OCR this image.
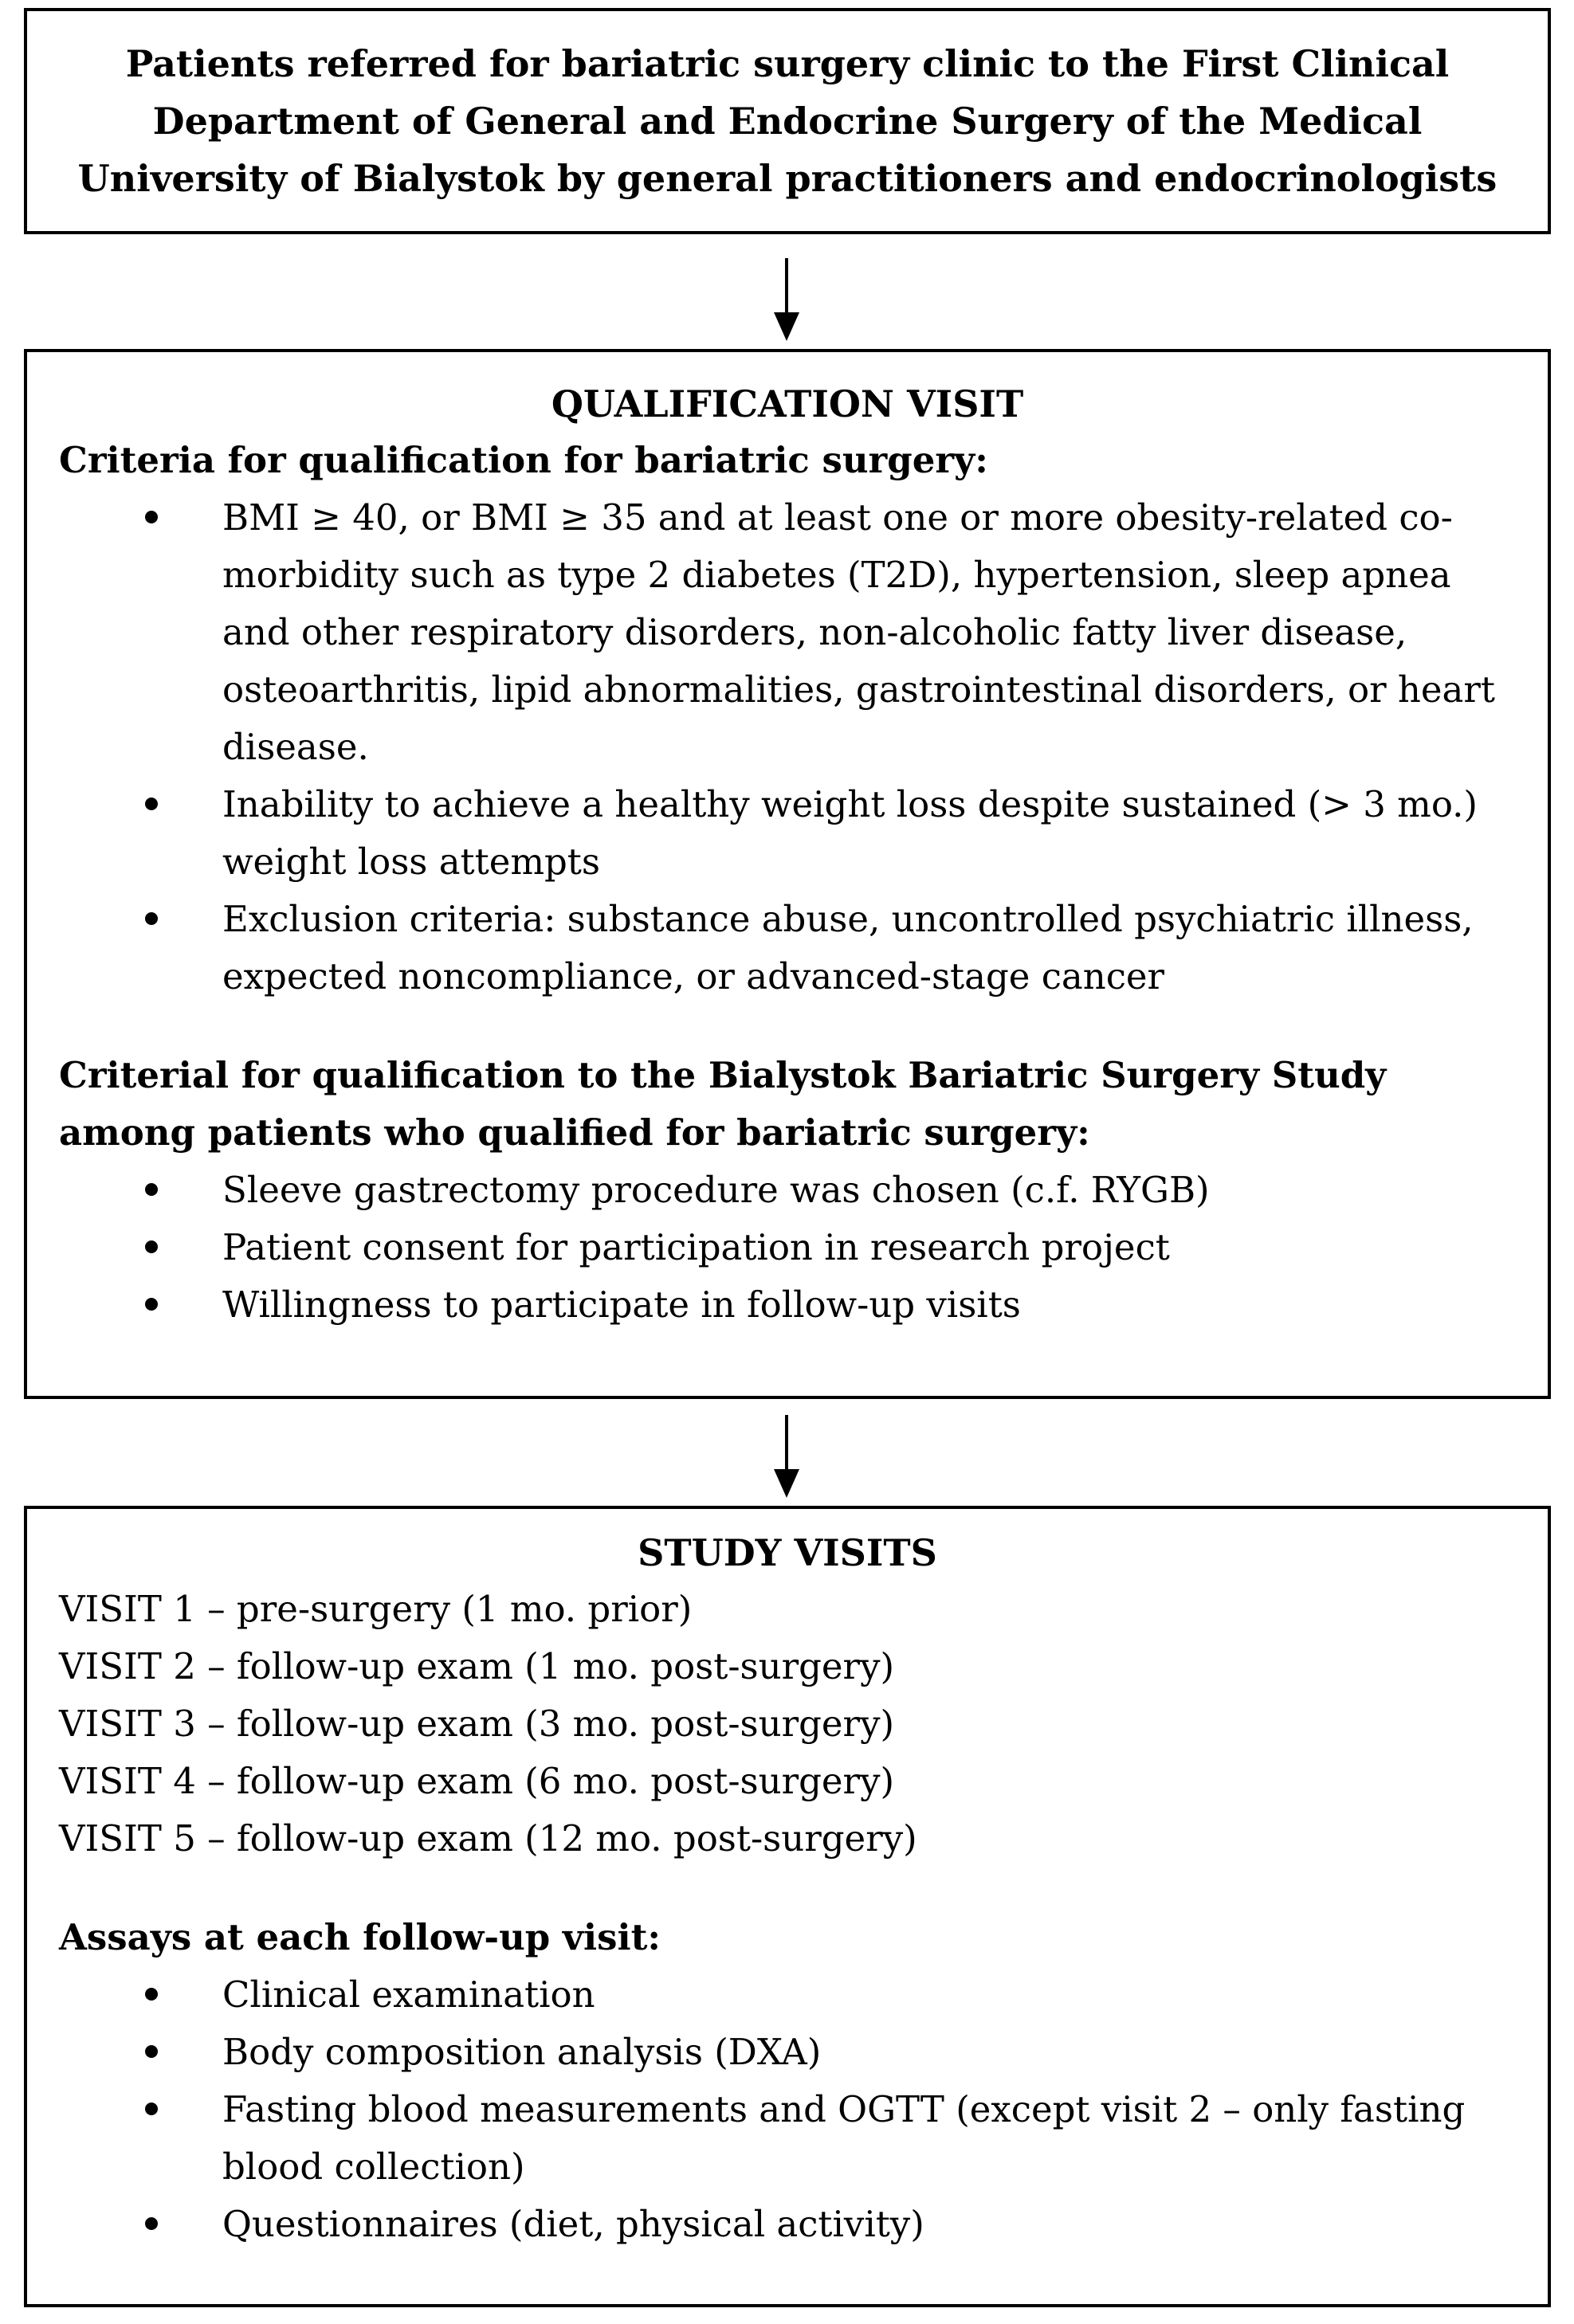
Patients referred for bariatric surgery clinic to the First Clinical Department of General and Endocrine Surgery of the Medical University of Bialystok by general practitioners and endocrinologists
QUALIFICATION VISIT
Criteria for qualification for bariatric surgery:
BMI ≥ 40, or BMI ≥ 35 and at least one or more obesity-related co-morbidity such as type 2 diabetes (T2D), hypertension, sleep apnea and other respiratory disorders, non-alcoholic fatty liver disease, osteoarthritis, lipid abnormalities, gastrointestinal disorders, or heart disease.
Inability to achieve a healthy weight loss despite sustained (> 3 mo.) weight loss attempts
Exclusion criteria: substance abuse, uncontrolled psychiatric illness, expected noncompliance, or advanced-stage cancer
Criterial for qualification to the Bialystok Bariatric Surgery Study among patients who qualified for bariatric surgery:
Sleeve gastrectomy procedure was chosen (c.f. RYGB)
Patient consent for participation in research project
Willingness to participate in follow-up visits
STUDY VISITS
VISIT 1 – pre-surgery (1 mo. prior)
VISIT 2 – follow-up exam (1 mo. post-surgery)
VISIT 3 – follow-up exam (3 mo. post-surgery)
VISIT 4 – follow-up exam (6 mo. post-surgery)
VISIT 5 – follow-up exam (12 mo. post-surgery)
Assays at each follow-up visit:
Clinical examination
Body composition analysis (DXA)
Fasting blood measurements and OGTT (except visit 2 – only fasting blood collection)
Questionnaires (diet, physical activity)
